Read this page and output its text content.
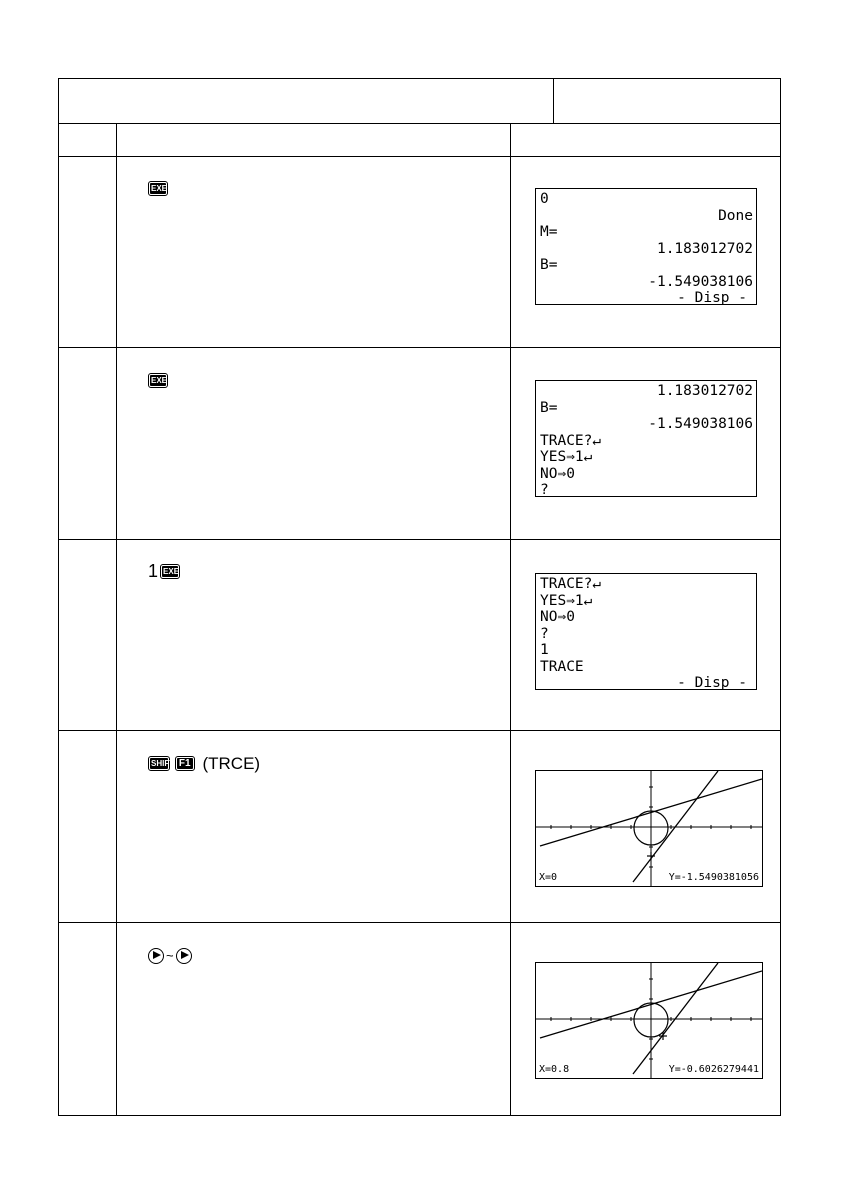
EXE
0
Done
M=
1.183012702
B=
-1.549038106
- Disp -
EXE
1.183012702
B=
-1.549038106
TRACE?↵
YES⇒1↵
NO⇒0
?
1 EXE
TRACE?↵
YES⇒1↵
NO⇒0
?
1
TRACE
- Disp -
SHIFT
F1 (TRCE)
X=0	Y=-1.5490381056
~
X=0.8	Y=-0.6026279441
